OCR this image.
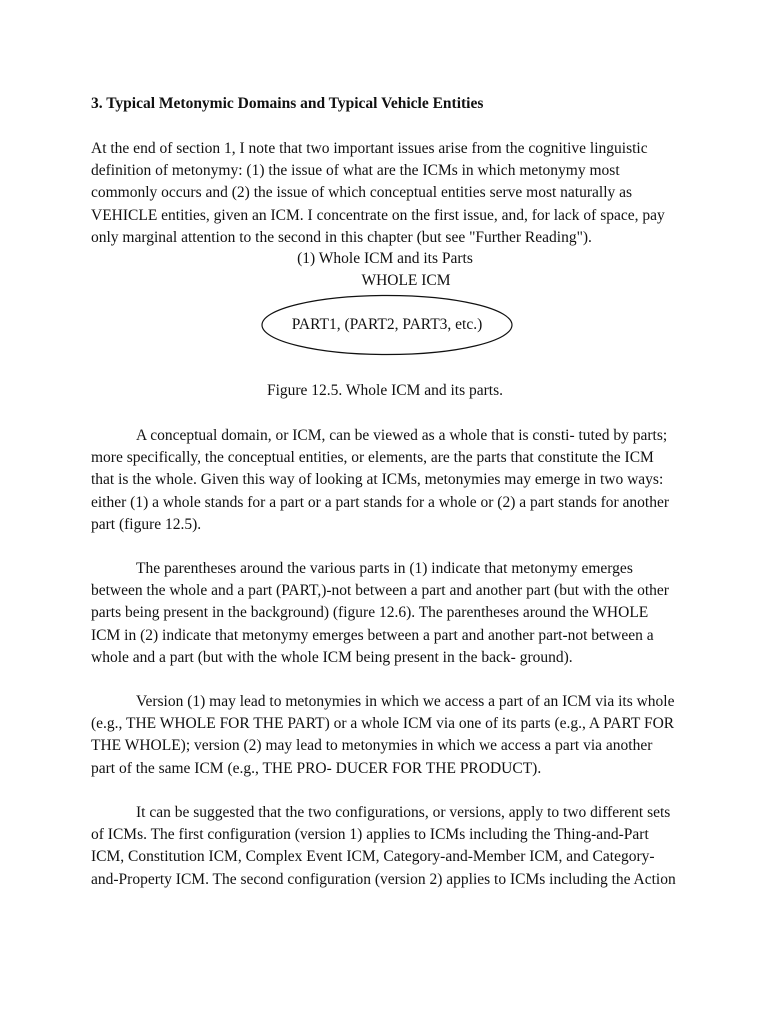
3. Typical Metonymic Domains and Typical Vehicle Entities

At the end of section 1, I note that two important issues arise from the cognitive linguistic definition of metonymy: (1) the issue of what are the ICMs in which metonymy most commonly occurs and (2) the issue of which conceptual entities serve most naturally as VEHICLE entities, given an ICM. I concentrate on the first issue, and, for lack of space, pay only marginal attention to the second in this chapter (but see "Further Reading").

(1) Whole ICM and its Parts
WHOLE ICM
PART1, (PART2, PART3, etc.)
Figure 12.5. Whole ICM and its parts.

A conceptual domain, or ICM, can be viewed as a whole that is consti- tuted by parts; more specifically, the conceptual entities, or elements, are the parts that constitute the ICM that is the whole. Given this way of looking at ICMs, metonymies may emerge in two ways: either (1) a whole stands for a part or a part stands for a whole or (2) a part stands for another part (figure 12.5).

The parentheses around the various parts in (1) indicate that metonymy emerges between the whole and a part (PART,)-not between a part and another part (but with the other parts being present in the background) (figure 12.6). The parentheses around the WHOLE ICM in (2) indicate that metonymy emerges between a part and another part-not between a whole and a part (but with the whole ICM being present in the back- ground).

Version (1) may lead to metonymies in which we access a part of an ICM via its whole (e.g., THE WHOLE FOR THE PART) or a whole ICM via one of its parts (e.g., A PART FOR THE WHOLE); version (2) may lead to metonymies in which we access a part via another part of the same ICM (e.g., THE PRO- DUCER FOR THE PRODUCT).

It can be suggested that the two configurations, or versions, apply to two different sets of ICMs. The first configuration (version 1) applies to ICMs including the Thing-and-Part ICM, Constitution ICM, Complex Event ICM, Category-and-Member ICM, and Category-and-Property ICM. The second configuration (version 2) applies to ICMs including the Action
